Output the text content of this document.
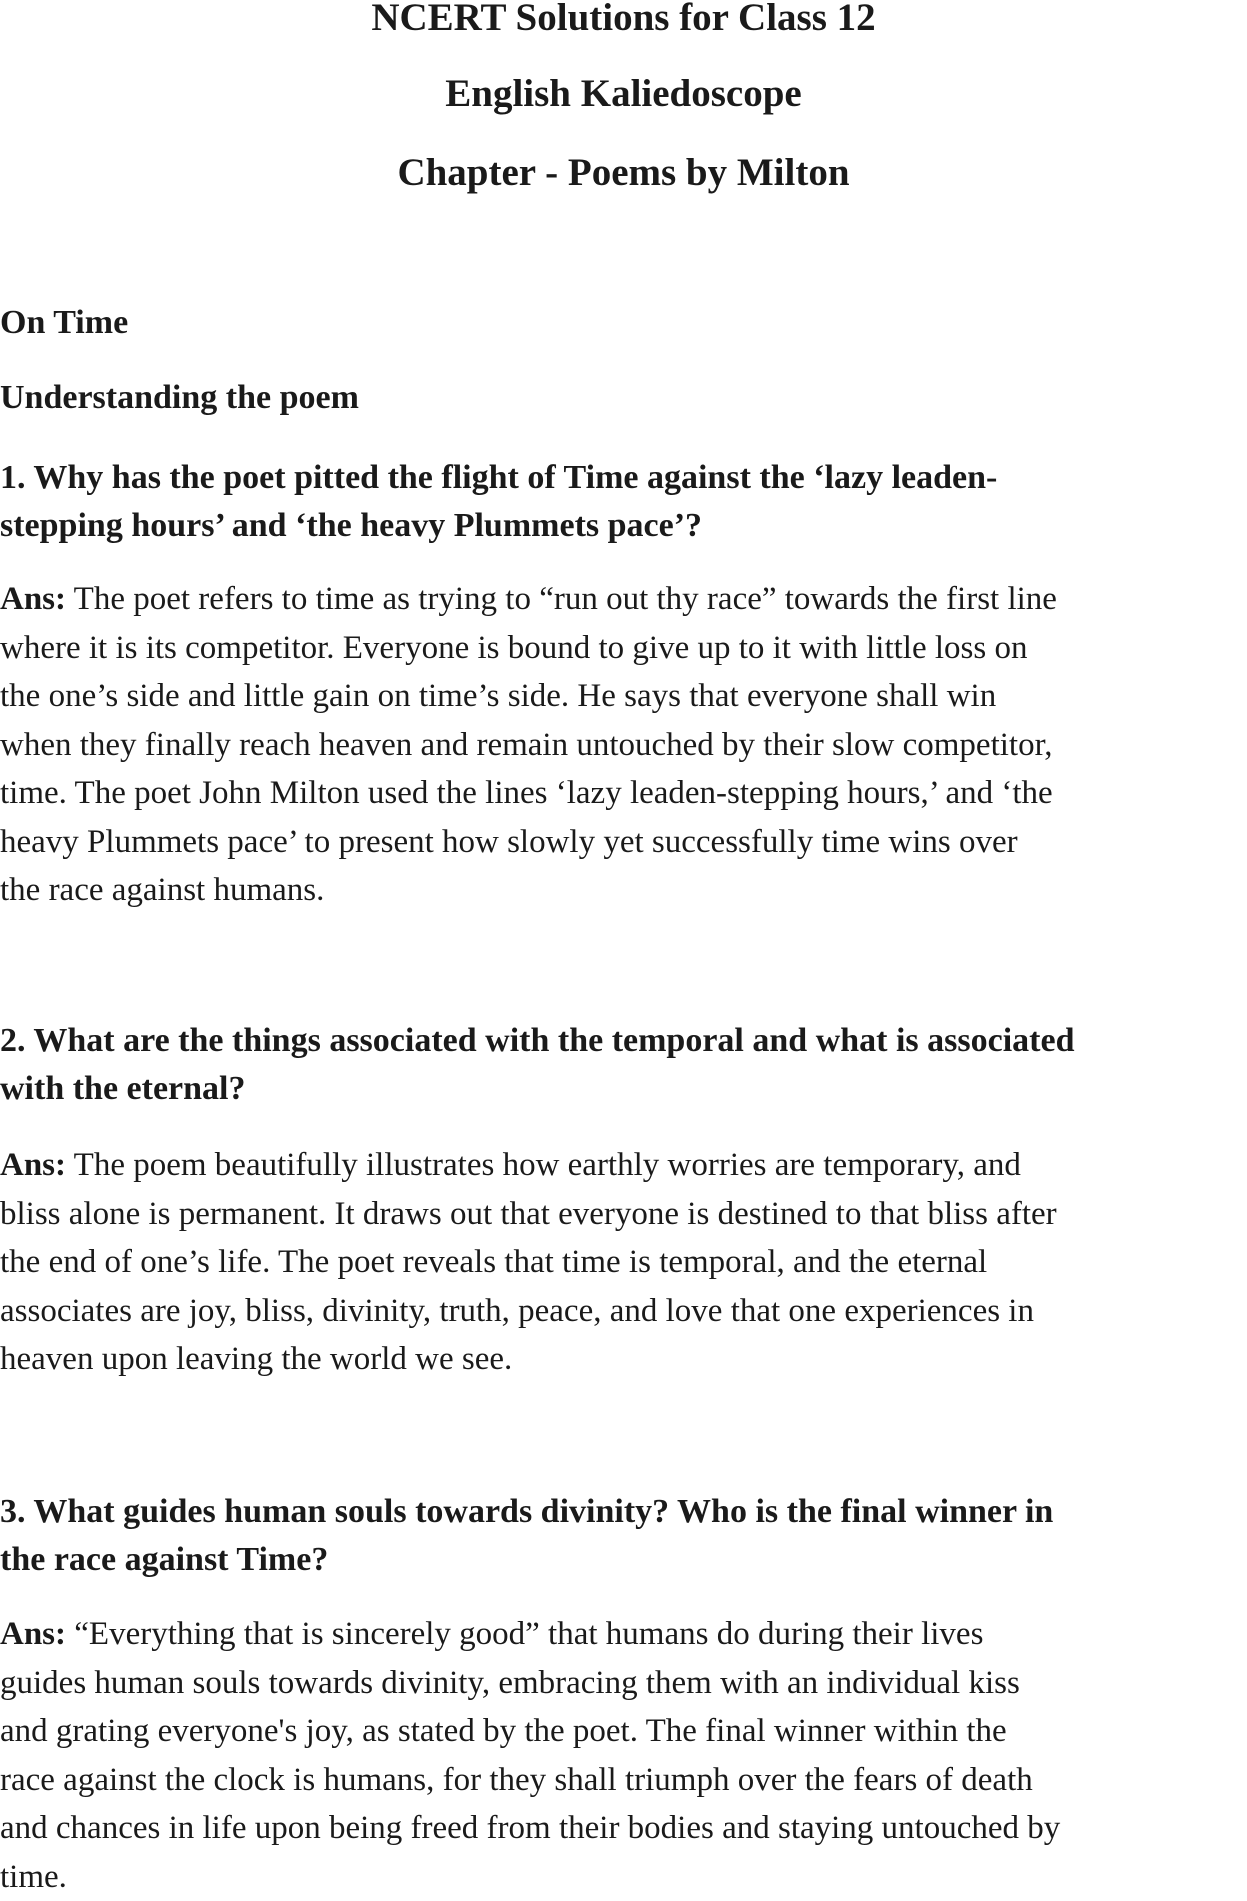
NCERT Solutions for Class 12
English Kaliedoscope
Chapter - Poems by Milton
On Time
Understanding the poem
1. Why has the poet pitted the flight of Time against the ‘lazy leaden-
stepping hours’ and ‘the heavy Plummets pace’?
Ans: The poet refers to time as trying to “run out thy race” towards the first line
where it is its competitor. Everyone is bound to give up to it with little loss on
the one’s side and little gain on time’s side. He says that everyone shall win
when they finally reach heaven and remain untouched by their slow competitor,
time. The poet John Milton used the lines ‘lazy leaden-stepping hours,’ and ‘the
heavy Plummets pace’ to present how slowly yet successfully time wins over
the race against humans.
2. What are the things associated with the temporal and what is associated
with the eternal?
Ans: The poem beautifully illustrates how earthly worries are temporary, and
bliss alone is permanent. It draws out that everyone is destined to that bliss after
the end of one’s life. The poet reveals that time is temporal, and the eternal
associates are joy, bliss, divinity, truth, peace, and love that one experiences in
heaven upon leaving the world we see.
3. What guides human souls towards divinity? Who is the final winner in
the race against Time?
Ans: “Everything that is sincerely good” that humans do during their lives
guides human souls towards divinity, embracing them with an individual kiss
and grating everyone's joy, as stated by the poet. The final winner within the
race against the clock is humans, for they shall triumph over the fears of death
and chances in life upon being freed from their bodies and staying untouched by
time.
